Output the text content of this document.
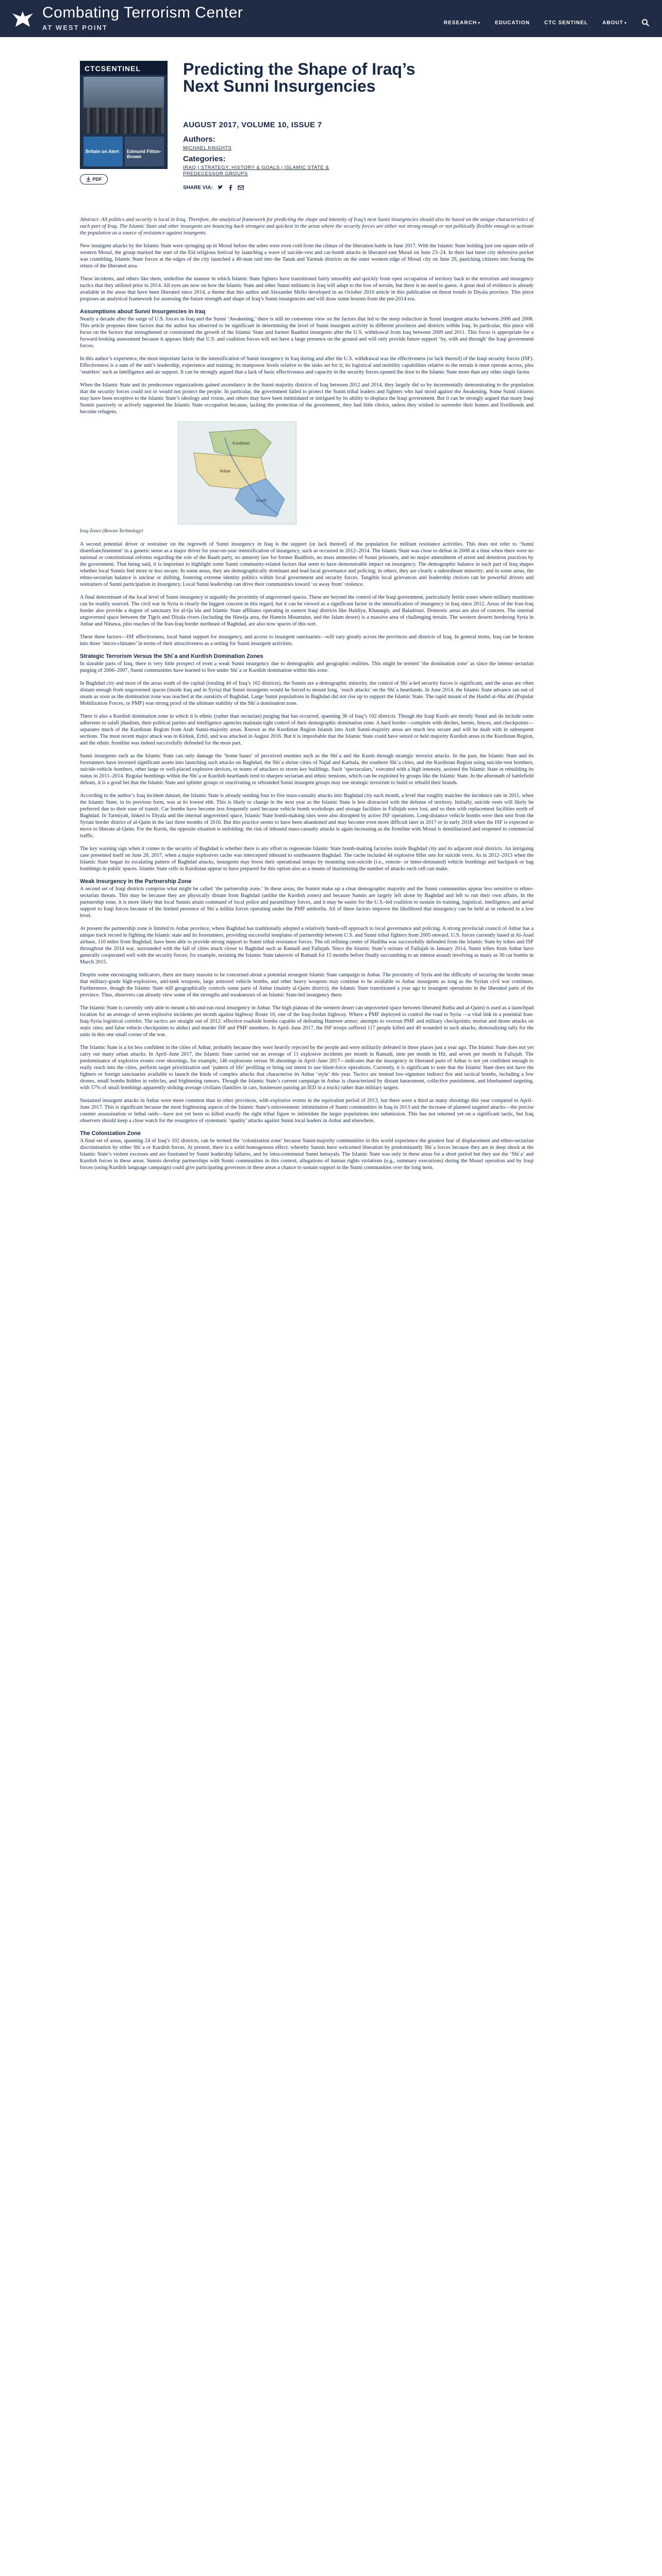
Combating Terrorism Center
AT WEST POINT
RESEARCH ▾	EDUCATION	CTC SENTINEL	ABOUT ▾
CTCSENTINEL
Britain on Alert	Edmund Fitton-Brown
PDF
Predicting the Shape of Iraq’s Next Sunni Insurgencies
AUGUST 2017, VOLUME 10, ISSUE 7
Authors:
MICHAEL KNIGHTS
Categories:
IRAQ | STRATEGY, HISTORY & GOALS | ISLAMIC STATE & PREDECESSOR GROUPS
SHARE VIA:

Abstract: All politics and security is local in Iraq. Therefore, the analytical framework for predicting the shape and intensity of Iraq’s next Sunni insurgencies should also be based on the unique characteristics of each part of Iraq. The Islamic State and other insurgents are bouncing back strongest and quickest in the areas where the security forces are either not strong enough or not politically flexible enough to activate the population as a source of resistance against insurgents.

New insurgent attacks by the Islamic State were springing up in Mosul before the ashes were even cold from the climax of the liberation battle in June 2017. With the Islamic State holding just one square mile of western Mosul, the group marked the start of the Eid religious festival by launching a wave of suicide-vest and car-bomb attacks in liberated east Mosul on June 23–24. In their last inner city defensive pocket was crumbling, Islamic State forces at the edges of the city launched a 40-man raid into the Tanak and Yarmuk districts on the outer western edge of Mosul city on June 26, panicking citizens into fearing the return of the liberated area.

These incidents, and others like them, underline the manner in which Islamic State fighters have transitioned fairly smoothly and quickly from open occupation of territory back to the terrorism and insurgency tactics that they utilized prior to 2014. All eyes are now on how the Islamic State and other Sunni militants in Iraq will adapt to the loss of terrain, but there is no need to guess. A great deal of evidence is already available in the areas that have been liberated since 2014, a theme that this author and Alexander Mello developed in an October 2016 article in this publication on threat trends in Diyala province. This piece proposes an analytical framework for assessing the future strength and shape of Iraq’s Sunni insurgencies and will draw some lessons from the pre-2014 era.

Assumptions about Sunni Insurgencies in Iraq

Nearly a decade after the surge of U.S. forces in Iraq and the Sunni ‘Awakening,’ there is still no consensus view on the factors that led to the steep reduction in Sunni insurgent attacks between 2006 and 2008. This article proposes three factors that the author has observed to be significant in determining the level of Sunni insurgent activity in different provinces and districts within Iraq. In particular, this piece will focus on the factors that strengthened or constrained the growth of the Islamic State and former Baathist insurgents after the U.S. withdrawal from Iraq between 2009 and 2011. This focus is appropriate for a forward-looking assessment because it appears likely that U.S. and coalition forces will not have a large presence on the ground and will only provide future support ‘by, with and through’ the Iraqi government forces.

In this author’s experience, the most important factor in the intensification of Sunni insurgency in Iraq during and after the U.S. withdrawal was the effectiveness (or lack thereof) of the Iraqi security forces (ISF). Effectiveness is a sum of the unit’s leadership, experience and training; its manpower levels relative to the tasks set for it; its logistical and mobility capabilities relative to the terrain it must operate across, plus ‘enablers’ such as intelligence and air support. It can be strongly argued that a lack of basic effectiveness and capacity in the security forces opened the door to the Islamic State more than any other single factor.

When the Islamic State and its predecessor organizations gained ascendancy in the Sunni majority districts of Iraq between 2012 and 2014, they largely did so by incrementally demonstrating to the population that the security forces could not or would not protect the people. In particular, the government failed to protect the Sunni tribal leaders and fighters who had stood against the Awakening. Some Sunni citizens may have been receptive to the Islamic State’s ideology and vision, and others may have been intimidated or intrigued by its ability to displace the Iraqi government. But it can be strongly argued that many Iraqi Sunnis passively or actively supported the Islamic State occupation because, lacking the protection of the government, they had little choice, unless they wished to surrender their homes and livelihoods and become refugees.

Kurdistan
Anbar
South

Iraq Zones (Rowan Technology)

A second potential driver or restrainer on the regrowth of Sunni insurgency in Iraq is the support (or lack thereof) of the population for militant resistance activities. This does not refer to ‘Sunni disenfranchisement’ in a generic sense as a major driver for year-on-year intensification of insurgency, such as occurred in 2012–2014. The Islamic State was close to defeat in 2008 at a time when there were no national or constitutional reforms regarding the role of the Baath party, no amnesty law for former Baathists, no mass amnesties of Sunni prisoners, and no major amendment of arrest and detention practices by the government. That being said, it is important to highlight some Sunni community-related factors that seem to have demonstrable impact on insurgency. The demographic balance in each part of Iraq shapes whether local Sunnis feel more or less secure. In some areas, they are demographically dominant and lead local governance and policing; in others, they are clearly a subordinate minority; and in some areas, the ethno-sectarian balance is unclear or shifting, fostering extreme identity politics within local government and security forces. Tangible local grievances and leadership choices can be powerful drivers and restrainers of Sunni participation in insurgency. Local Sunni leadership can drive their communities toward ‘or away from’ violence.

A final determinant of the local level of Sunni insurgency is arguably the proximity of ungoverned spaces. These are beyond the control of the Iraqi government, particularly fertile zones where military munitions can be readily sourced. The civil war in Syria is clearly the biggest concern in this regard, but it can be viewed as a significant factor in the intensification of insurgency in Iraq since 2012. Areas of the Iran-Iraq border also provide a degree of sanctuary for al-Qa`ida and Islamic State affiliates operating in eastern Iraqi districts like Haidiya, Khanaqin, and Baladrouz. Domestic areas are also of concern. The internal ungoverned space between the Tigris and Diyala rivers (including the Hawija area, the Hamrin Mountains, and the Jalam desert) is a massive area of challenging terrain. The western deserts bordering Syria in Anbar and Ninawa, plus reaches of the Iran-Iraq border northeast of Baghdad, are also now spaces of this sort.

These three factors—ISF effectiveness, local Sunni support for insurgency, and access to insurgent sanctuaries—will vary greatly across the provinces and districts of Iraq. In general terms, Iraq can be broken into three ‘micro-climates’ in terms of their attractiveness as a setting for Sunni insurgent activities.

Strategic Terrorism Versus the Shi`a and Kurdish Domination Zones

In sizeable parts of Iraq, there is very little prospect of even a weak Sunni insurgency due to demographic and geographic realities. This might be termed ‘the domination zone’ as since the intense sectarian purging of 2006–2007, Sunni communities have learned to live under Shi`a or Kurdish domination within this zone.

In Baghdad city and most of the areas south of the capital (totaling 40 of Iraq’s 102 districts), the Sunnis are a demographic minority, the control of Shi`a-led security forces is significant, and the areas are often distant enough from ungoverned spaces (inside Iraq and in Syria) that Sunni insurgents would be forced to mount long, ‘reach attacks’ on the Shi`a heartlands. In June 2014, the Islamic State advance ran out of steam as soon as the domination zone was reached at the outskirts of Baghdad. Large Sunni populations in Baghdad did not rise up to support the Islamic State. The rapid mount of the Hashd al-Sha`abi (Popular Mobilization Forces, or PMF) was strong proof of the ultimate stability of the Shi`a domination zone.

There is also a Kurdish domination zone in which it is ethnic (rather than sectarian) purging that has occurred, spanning 36 of Iraq’s 102 districts. Though the Iraqi Kurds are mostly Sunni and do include some adherents to salafi jihadism, their political parties and intelligence agencies maintain tight control of their demographic domination zone. A hard border—complete with ditches, berms, fences, and checkpoints—separates much of the Kurdistan Region from Arab Sunni-majority areas. Known as the Kurdistan Region Islands into Arab Sunni-majority areas are much less secure and will be dealt with in subsequent sections. The most recent major attack was in Kirkuk, Erbil, and was attacked in August 2016. But it is improbable that the Islamic State could have seized or held majority Kurdish areas in the Kurdistan Region, and the ethnic frontline was indeed successfully defended for the most part.

Sunni insurgents such as the Islamic State can only damage the ‘home bases’ of perceived enemies such as the Shi`a and the Kurds through strategic terrorist attacks. In the past, the Islamic State and its forerunners have invested significant assets into launching such attacks on Baghdad, the Shi`a shrine cities of Najaf and Karbala, the southern Shi`a cities, and the Kurdistan Region using suicide-vest bombers, suicide-vehicle bombers, other large or well-placed explosive devices, or teams of attackers to storm key buildings. Such ‘spectaculars,’ executed with a high intensity, assisted the Islamic State in rebuilding its status in 2011–2014. Regular bombings within the Shi`a or Kurdish heartlands tend to sharpen sectarian and ethnic tensions, which can be exploited by groups like the Islamic State. In the aftermath of battlefield defeats, it is a good bet that the Islamic State and splinter groups or reactivating or rebranded Sunni insurgent groups may use strategic terrorism to build or rebuild their brands.

According to the author’s Iraq incident dataset, the Islamic State is already sending four to five mass-casualty attacks into Baghdad city each month, a level that roughly matches the incidence rate in 2011, when the Islamic State, in its previous form, was at its lowest ebb. This is likely to change in the next year as the Islamic State is less distracted with the defense of territory. Initially, suicide vests will likely be preferred due to their ease of transit. Car bombs have become less frequently used because vehicle bomb workshops and storage facilities in Fallujah were lost, and so then with replacement facilities north of Baghdad. In Tarmiyah, linked to Diyala and the internal ungoverned space, Islamic State bomb-making sites were also disrupted by active ISF operations. Long-distance vehicle bombs were then sent from the Syrian border district of al-Qaim in the last three months of 2016. But this practice seems to have been abandoned and may become even more difficult later in 2017 or in early 2018 when the ISF is expected to move to liberate al-Qaim. For the Kurds, the opposite situation is unfolding: the risk of inbound mass-casualty attacks is again increasing as the frontline with Mosul is demilitarized and reopened to commercial traffic.

The key warning sign when it comes to the security of Baghdad is whether there is any effort to regenerate Islamic State bomb-making factories inside Baghdad city and its adjacent rural districts. An intriguing case presented itself on June 28, 2017, when a major explosives cache was intercepted inbound to southeastern Baghdad. The cache included 44 explosive filler sets for suicide vests. As in 2012–2013 when the Islamic State began its escalating pattern of Baghdad attacks, insurgents may boost their operational tempo by mounting non-suicide (i.e., remote- or timer-detonated) vehicle bombings and backpack or bag bombings in public spaces. Islamic State cells in Kurdistan appear to have prepared for this option also as a means of maximizing the number of attacks each cell can make.

Weak Insurgency in the Partnership Zone

A second set of Iraqi districts comprise what might be called ‘the partnership zone.’ In these areas, the Sunnis make up a clear demographic majority and the Sunni communities appear less sensitive to ethno-sectarian threats. This may be because they are physically distant from Baghdad (unlike the Kurdish zones) and because Sunnis are largely left alone by Baghdad and left to run their own affairs. In the partnership zone, it is more likely that local Sunnis attain command of local police and paramilitary forces, and it may be easier for the U.S.-led coalition to sustain its training, logistical, intelligence, and aerial support to Iraqi forces because of the limited presence of Shi`a militia forces operating under the PMF umbrella. All of these factors improve the likelihood that insurgency can be held at or reduced to a low level.

At present the partnership zone is limited to Anbar province, where Baghdad has traditionally adopted a relatively hands-off approach to local governance and policing. A strong provincial council of Anbar has a unique track record in fighting the Islamic state and its forerunners, providing successful templates of partnership between U.S. and Sunni tribal fighters from 2005 onward. U.S. forces currently based at Al-Asad airbase, 110 miles from Baghdad, have been able to provide strong support to Sunni tribal resistance forces. The oil refining center of Haditha was successfully defended from the Islamic State by tribes and ISF throughout the 2014 war, surrounded with the fall of cities much closer to Baghdad such as Ramadi and Fallujah. Since the Islamic State’s seizure of Fallujah in January 2014, Sunni tribes from Anbar have generally cooperated well with the security forces; for example, resisting the Islamic State takeover of Ramadi for 15 months before finally succumbing to an intense assault involving as many as 30 car bombs in March 2015.

Despite some encouraging indicators, there are many reasons to be concerned about a potential resurgent Islamic State campaign in Anbar. The proximity of Syria and the difficulty of securing the border mean that military-grade high-explosives, anti-tank weapons, large armored vehicle bombs, and other heavy weapons may continue to be available to Anbar insurgents as long as the Syrian civil war continues. Furthermore, though the Islamic State still geographically controls some parts of Anbar (mainly al-Qaim district), the Islamic State transitioned a year ago to insurgent operations in the liberated parts of the province. Thus, observers can already view some of the strengths and weaknesses of an Islamic State-led insurgency there.

The Islamic State is currently only able to mount a hit-and-run rural insurgency in Anbar. The high plateau of the western desert can unpoverted space between liberated Rutba and al-Qaim) is used as a launchpad location for an average of seven explosive incidents per month against highway Route 10, one of the Iraq-Jordan highway. Where a PMF deployed to control the road to Syria —a vital link in a potential Iran-Iraq-Syria logistical corridor. The tactics are straight out of 2012: effective roadside bombs capable of defeating Humvee armor; attempts to overrun PMF and military checkpoints; mortar and drone attacks on static sites; and false vehicle checkpoints to abduct and murder ISF and PMF members. In April–June 2017, the ISF troops suffered 117 people killed and 40 wounded in such attacks, demoralizing tally for the units in this one small corner of the war.

The Islamic State is a lot less confident in the cities of Anbar, probably because they were heavily rejected by the people and were militarily defeated in these places just a year ago. The Islamic State does not yet carry out many urban attacks. In April–June 2017, the Islamic State carried out an average of 11 explosive incidents per month in Ramadi, nine per month in Hit, and seven per month in Fallujah. The predominance of explosive events over shootings, for example, 146 explosions versus 36 shootings in April–June 2017—indicates that the insurgency in liberated parts of Anbar is not yet confident enough to really reach into the cities, perform target prioritization and ‘pattern of life’ profiling or bring out intent to use blunt-force operations. Currently, it is significant to note that the Islamic State does not have the fighters or foreign sanctuaries available to launch the kinds of complex attacks that characterize its Anbar ‘style’ this year. Tactics are instead low-signature indirect fire and tactical bombs, including a few drones, small bombs hidden in vehicles, and frightening rumors. Though the Islamic State’s current campaign in Anbar is characterized by distant harassment, collective punishment, and bluebanned targeting, with 57% of small bombings apparently striking average civilians (families in cars, businesses passing an IED in a truck) rather than military targets.

Sustained insurgent attacks in Anbar were more common than in other provinces, with explosive events in the equivalent period of 2013, but there were a third as many shootings this year compared to April–June 2017. This is significant because the most frightening aspects of the Islamic State’s reinvestment: intimidation of Sunni communities in Iraq in 2013 and the increase of planned targeted attacks—the precise counter assassination or lethal raids—have not yet been so killed exactly the right tribal figure to intimidate the larger populations into submission. This has not returned yet on a significant tactic, but Iraq observers should keep a close watch for the resurgence of systematic ‘quality’ attacks against Sunni local leaders in Anbar and elsewhere.

The Colonization Zone

A final set of areas, spanning 24 of Iraq’s 102 districts, can be termed the ‘colonization zone’ because Sunni-majority communities in this world experience the greatest fear of displacement and ethno-sectarian discrimination by either Shi`a or Kurdish forces. At present, there is a solid homogenous effect: whereby Sunnis have welcomed liberation by predominantly Shi`a forces because they are in deep shock at the Islamic State’s violent excesses and are frustrated by Sunni leadership failures, and by intra-communal Sunni betrayals. The Islamic State was only in these areas for a short period but they use the ‘Shi`a’ and Kurdish forces in these areas. Sunnis develop partnerships with Sunni communities in this context, allegations of human rights violations (e.g., summary executions) during the Mosul operation and by Iraqi forces (using Kurdish language campaign) could give participating governors in these areas a chance to sustain support in the Sunni communities over the long term.
